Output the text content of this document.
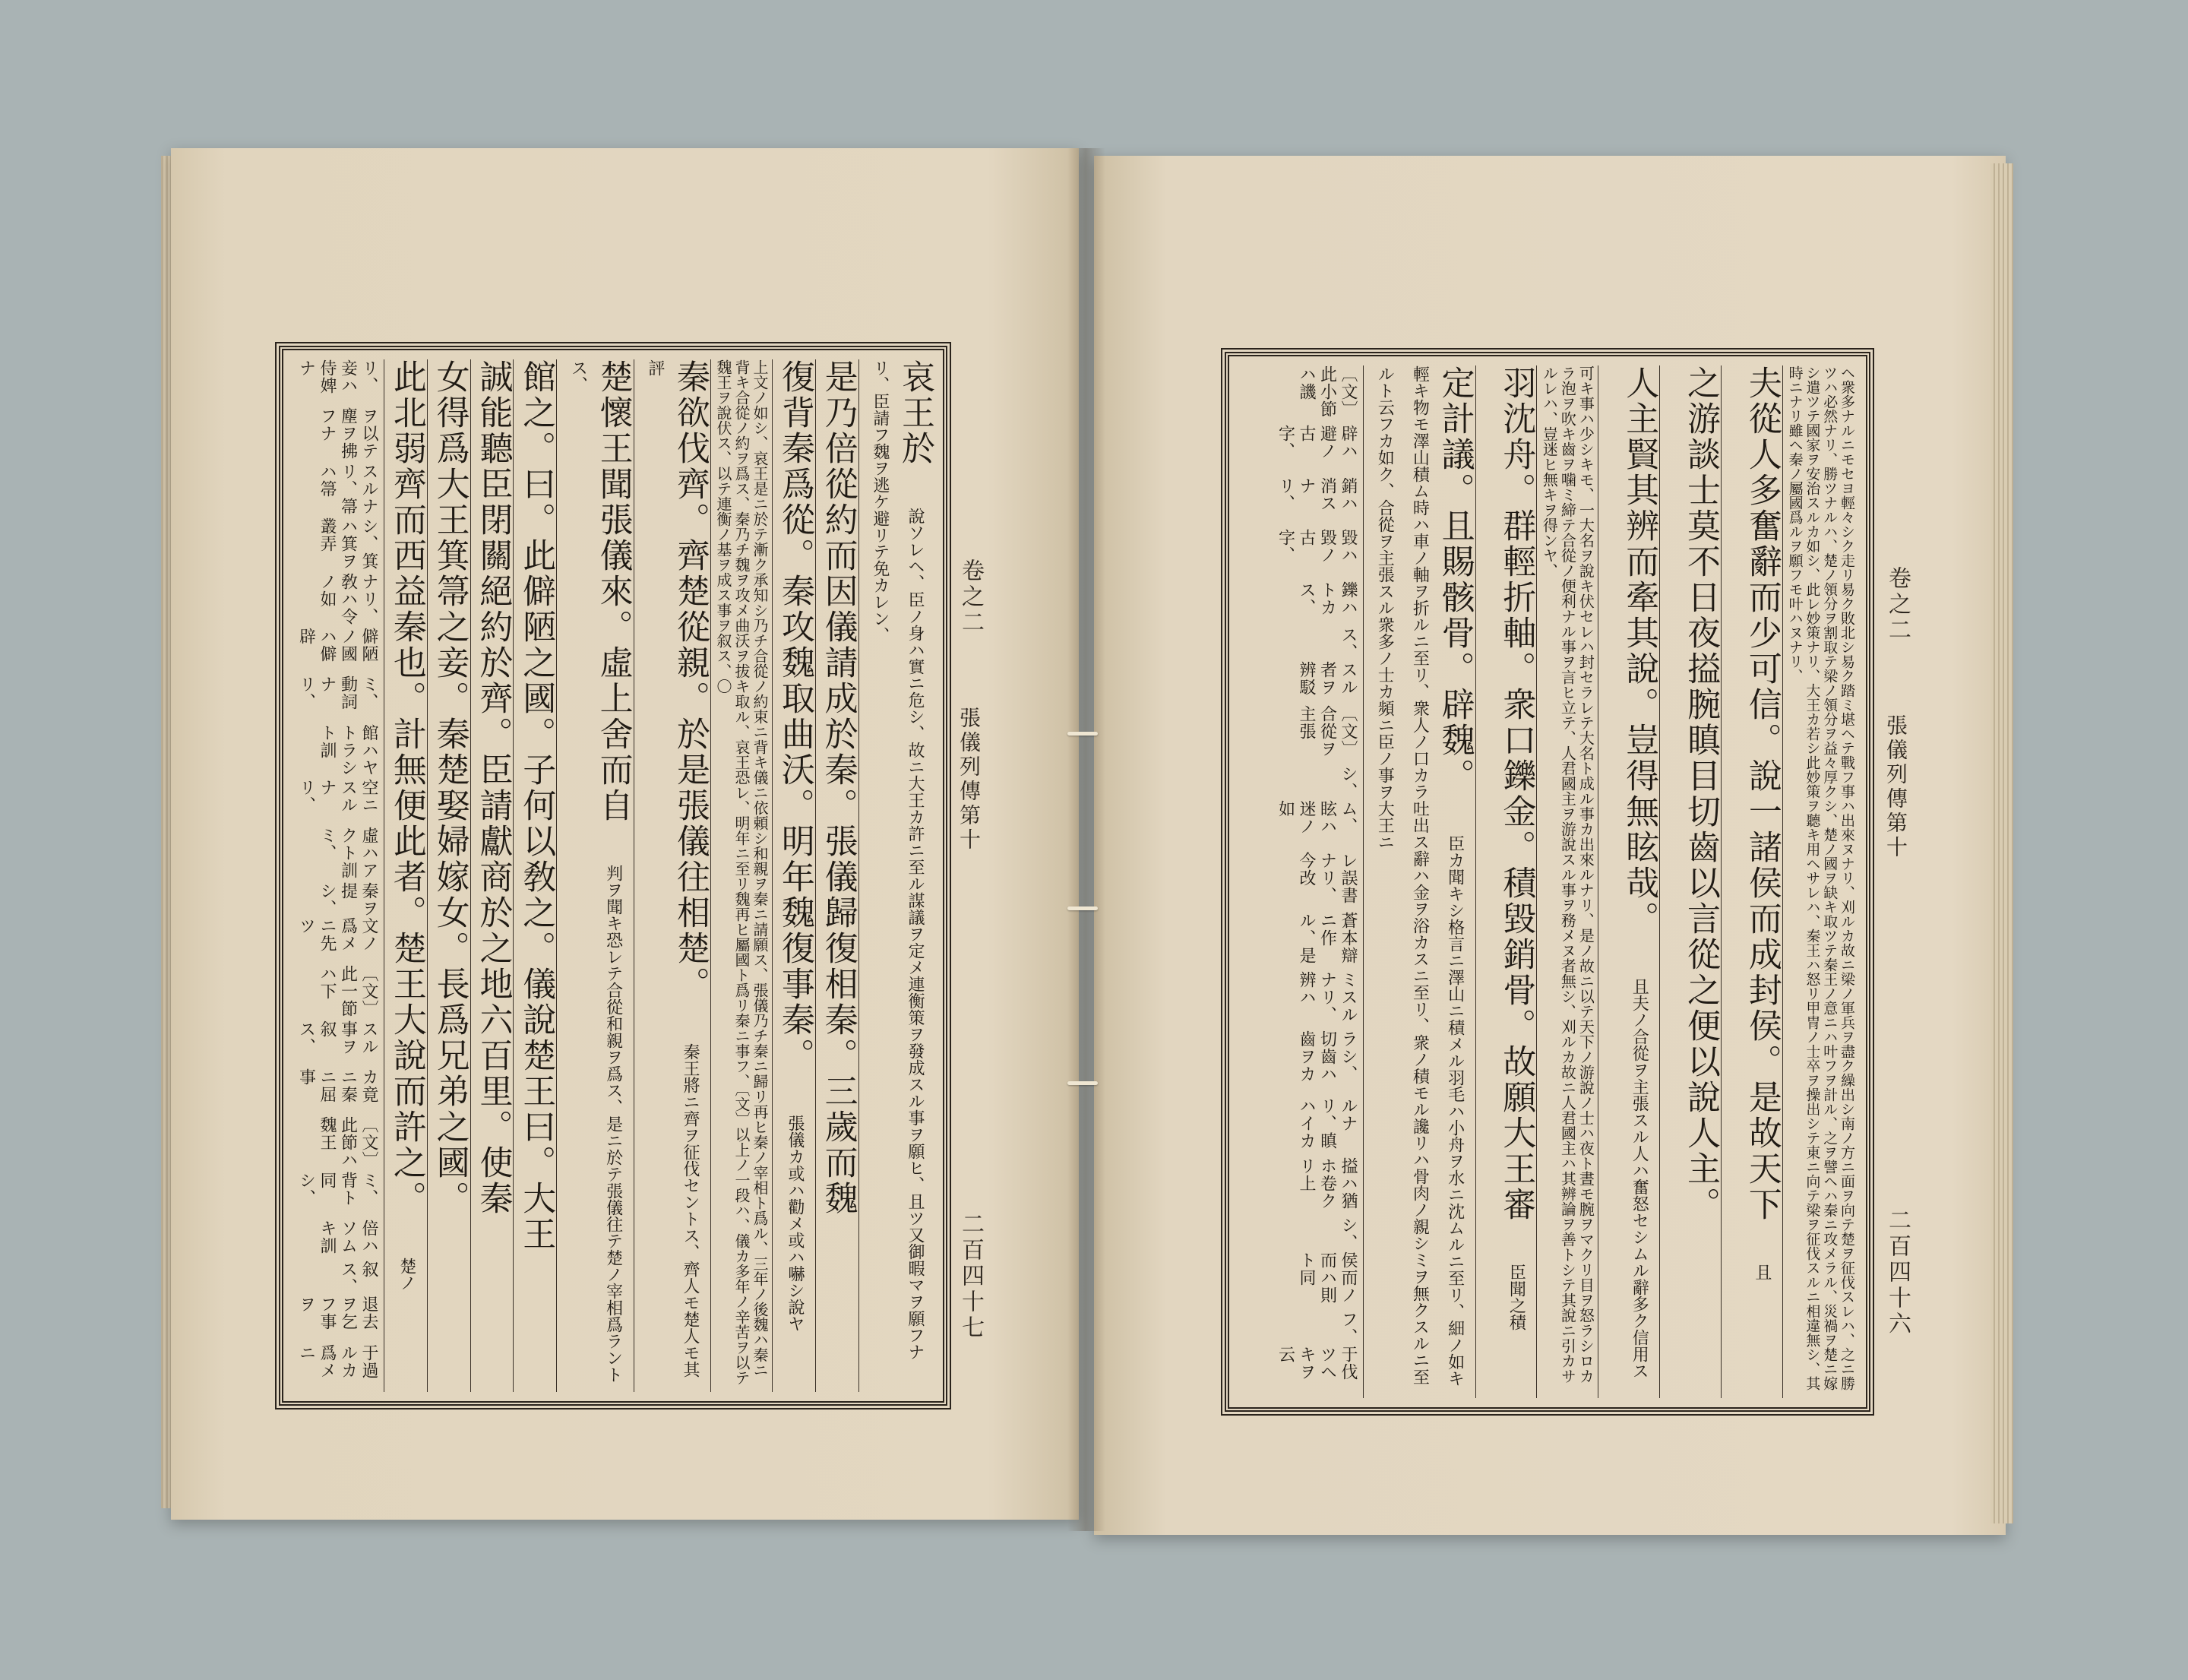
卷之二
張儀列傳第十
二百四十七
卷之二
張儀列傳第十
二百四十六
哀王於 說ソレヘ、臣ノ身ハ實ニ危シ、故ニ大王カ許ニ至ル謀議ヲ定メ連衡策ヲ發成スル事ヲ願ヒ、且ツ又御暇マヲ願フナリ、臣請フ魏ヲ逃ケ避リテ免カレン、
是乃倍從約而因儀請成於秦。張儀歸復相秦。三歲而魏
復背秦爲從。秦攻魏取曲沃。明年魏復事秦。 張儀カ或ハ勸メ或ハ嚇シ說ヤ
上文ノ如シ、哀王是ニ於テ漸ク承知シ乃チ合從ノ約束ニ背キ儀ニ依頼シ和親ヲ秦ニ請願ス、張儀乃チ秦ニ歸リ再ヒ秦ノ宰相ト爲ル、三年ノ後魏ハ秦ニ背キ合從ノ約ヲ爲ス、秦乃チ魏ヲ攻メ曲沃ヲ拔キ取ル、哀王恐レ、明年ニ至リ魏再ヒ屬國ト爲リ秦ニ事フ、〔文〕以上ノ一段ハ、儀カ多年ノ辛苦ヲ以テ魏王ヲ說伏ス、以テ連衡ノ基ヲ成ス事ヲ叙ス、〇
秦欲伐齊。齊楚從親。於是張儀往相楚。 秦王將ニ齊ヲ征伐セントス、齊人モ楚人モ其評
楚懷王聞張儀來。虛上舍而自 判ヲ聞キ恐レテ合從和親ヲ爲ス、是ニ於テ張儀往テ楚ノ宰相爲ラントス、
館之。曰。此僻陋之國。子何以敎之。儀說楚王曰。大王
誠能聽臣閉關絕約於齊。臣請獻商於之地六百里。使秦
女得爲大王箕箒之妾。秦楚娶婦嫁女。長爲兄弟之國。
此北弱齊而西益秦也。計無便此者。楚王大說而許之。 楚ノ
于過ルカ爲メニ
退去ヲ乞フ事ヲ
叙ス、
倍ハソムキ訓
ミ、背ト同シ、
〔文〕此節ハ魏王
カ竟ニ秦ニ屈事
スル事ヲ叙ス、
〔文〕此一節ハ下
文ノ爲メニ先ツ
秦ヲ提シ、
虛ハアクト訓ミ、
空ニスルナリ、
館ハヤトラシト訓
ミ、動詞ナリ、
僻陋ノ國ハ僻辟
ナリ、敎ハ令ノ如
シ、箕ハ箕ヲ叢弄
スルナリ、箒ハ箒
ヲ以テ塵ヲ拂フナ
リ、妾ハ侍婢ナ	ヘ衆多ナルニモセヨ輕々シク走リ易ク敗北シ易ク踏ミ堪ヘテ戰フ事ハ出來ヌナリ、刈ルカ故ニ梁ノ軍兵ヲ盡ク繰出シ南ノ方ニ面ヲ向テ楚ヲ征伐スレハ、之ニ勝ツハ必然ナリ、勝ツナルハ、楚ノ領分ヲ割取テ梁ノ領分ヲ益々厚クシ、楚ノ國ヲ缺キ取ツテ秦王ノ意ニハ叶フヲ計ル、之ヲ譬ヘハ秦ニ攻メラル、災禍ヲ楚ニ嫁シ遣ツテ國家ヲ安治スルカ如シ、此レ妙策ナリ、大王カ若シ此妙策ヲ聽キ用ヘサレハ、秦王ハ怒リ甲冑ノ士卒ヲ操出シテ東ニ向テ梁ヲ征伐スルニ相違無シ、其時ニナリ雖ヘ秦ノ屬國爲ルヲ願フモ叶ハヌナリ、
夫從人多奮辭而少可信。說一諸侯而成封侯。是故天下 且
之游談士莫不日夜搤腕瞋目切齒以言從之便以說人主。
人主賢其辨而牽其說。豈得無眩哉。 且夫ノ合從ヲ主張スル人ハ奮怒セシムル辭多ク信用ス
可キ事ハ少シキモ、一大名ヲ說キ伏セレハ封セラレテ大名ト成ル事カ出來ルナリ、是ノ故ニ以テ天下ノ游說ノ士ハ夜ト晝モ腕ヲマクリ目ヲ怒ラシロカラ泡ヲ吹キ齒ヲ噛ミ締テ合從ノ便利ナル事ヲ言ヒ立テ、人君國主ヲ游說スル事ヲ務メヌ者無シ、刈ルカ故ニ人君國主ハ其辨論ヲ善トシテ其說ニ引カサルレハ、豈迷ヒ無キヲ得ンヤ、
羽沈舟。群輕折軸。衆口鑠金。積毀銷骨。故願大王審 臣聞之積
定計議。且賜骸骨。辟魏。 臣カ聞キシ格言ニ澤山ニ積メル羽毛ハ小舟ヲ水ニ沈ムルニ至リ、細ノ如キ輕キ物モ澤山積ム時ハ車ノ軸ヲ折ルニ至リ、衆人ノ口カラ吐出ス辭ハ金ヲ浴カスニ至リ、衆ノ積モル讒リハ骨肉ノ親シミヲ無クスルニ至ルト云フカ如ク、合從ヲ主張スル衆多ノ士カ頻ニ臣ノ事ヲ大王ニ
于伐ツヘキヲ云
フ、
侯而ノ而ハ則ト同
シ、
搤ハ猶ホ卷クリ上
ルナリ、瞋ハイカ
ラシ、切齒ハ齒ヲカ
ミスルナリ、辨ハ
蒼本辯ニ作ル、是
レ誤書ナリ、今改
ム、眩ハ迷ノ如
シ、
〔文〕合從ヲ主張
スル者ヲ辨駁
ス、
鑠ハトカス、
毀ハ毀ノ古字、
銷ハ消スナリ、
辟ハ避ノ古字、
〔文〕此小節ハ譏
